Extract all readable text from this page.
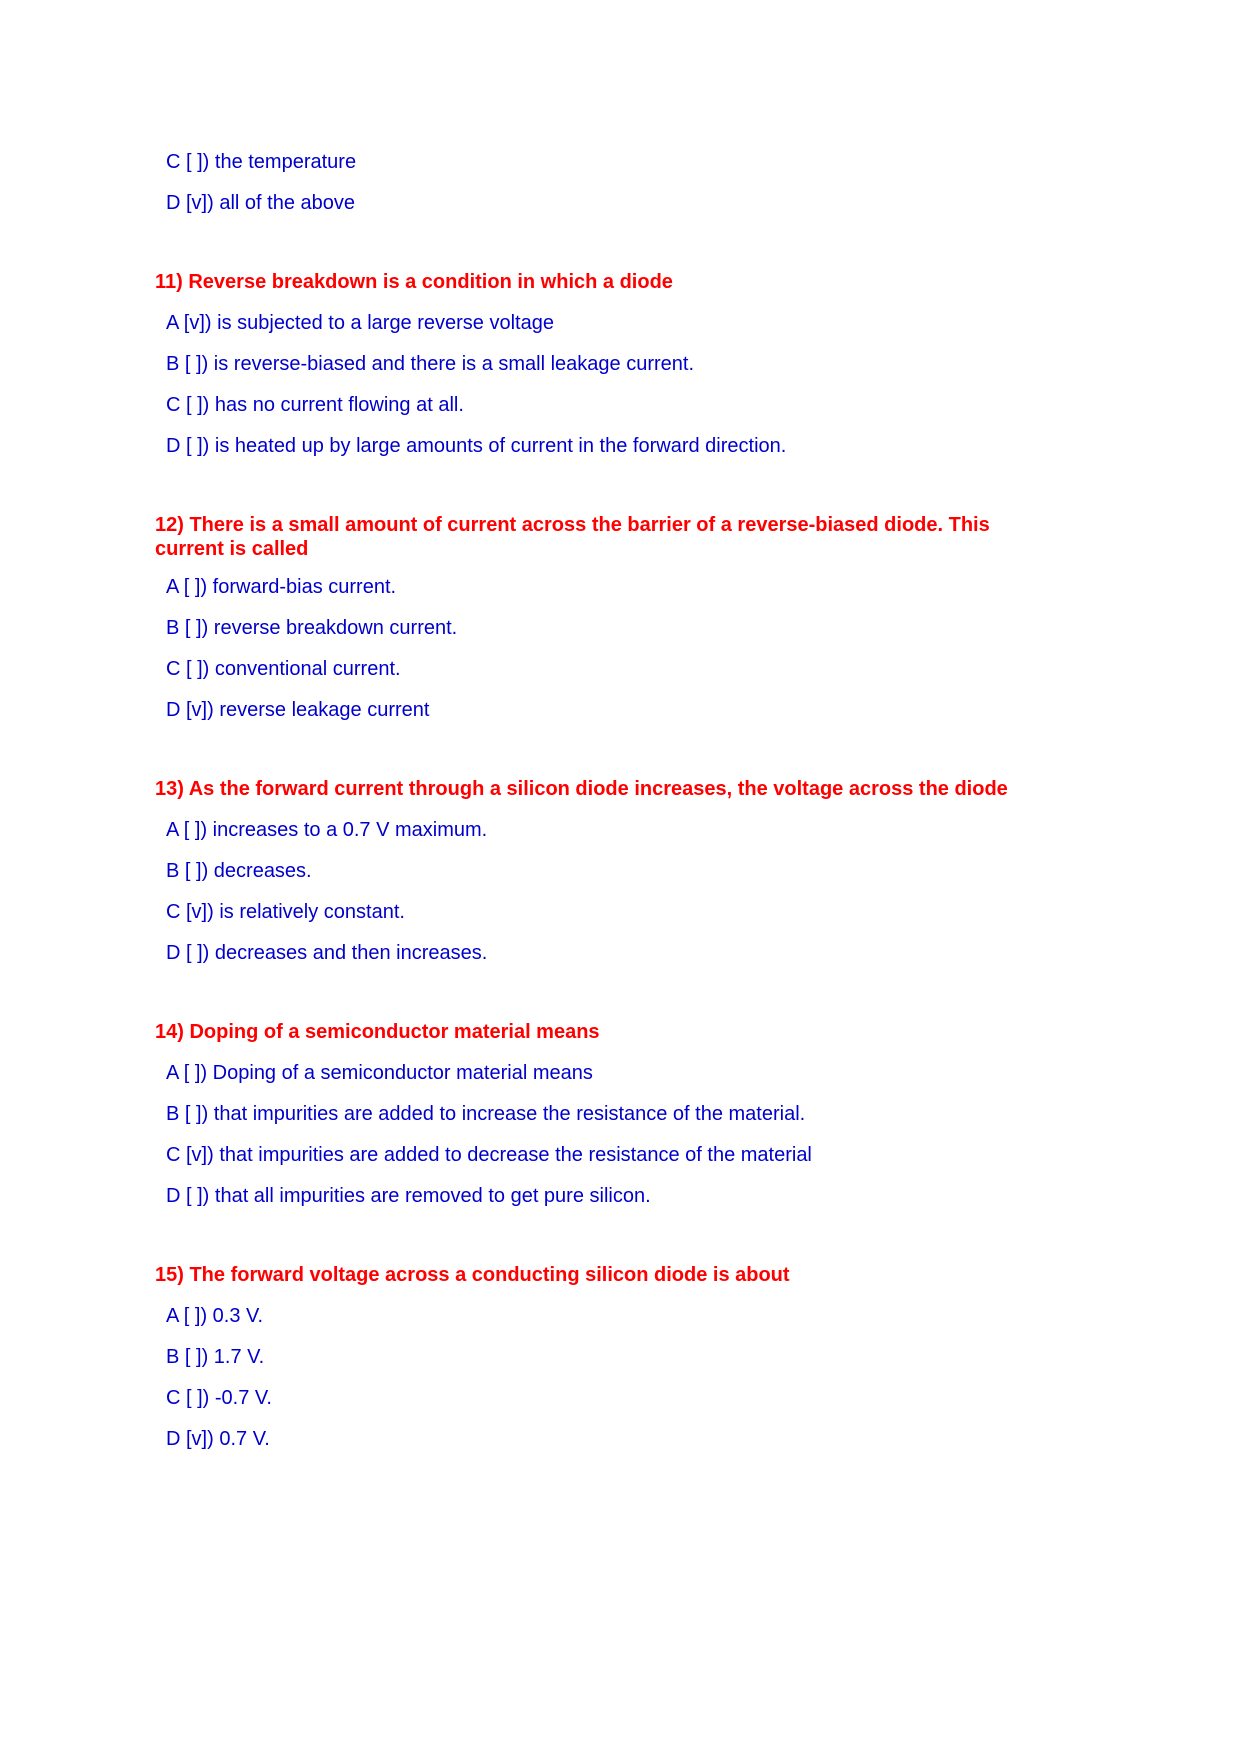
C [ ]) the temperature
D [v]) all of the above
11) Reverse breakdown is a condition in which a diode
A [v]) is subjected to a large reverse voltage
B [ ]) is reverse-biased and there is a small leakage current.
C [ ]) has no current flowing at all.
D [ ]) is heated up by large amounts of current in the forward direction.
12) There is a small amount of current across the barrier of a reverse-biased diode. This current is called
A [ ]) forward-bias current.
B [ ]) reverse breakdown current.
C [ ]) conventional current.
D [v]) reverse leakage current
13) As the forward current through a silicon diode increases, the voltage across the diode
A [ ]) increases to a 0.7 V maximum.
B [ ]) decreases.
C [v]) is relatively constant.
D [ ]) decreases and then increases.
14) Doping of a semiconductor material means
A [ ]) Doping of a semiconductor material means
B [ ]) that impurities are added to increase the resistance of the material.
C [v]) that impurities are added to decrease the resistance of the material
D [ ]) that all impurities are removed to get pure silicon.
15) The forward voltage across a conducting silicon diode is about
A [ ]) 0.3 V.
B [ ]) 1.7 V.
C [ ]) -0.7 V.
D [v]) 0.7 V.
